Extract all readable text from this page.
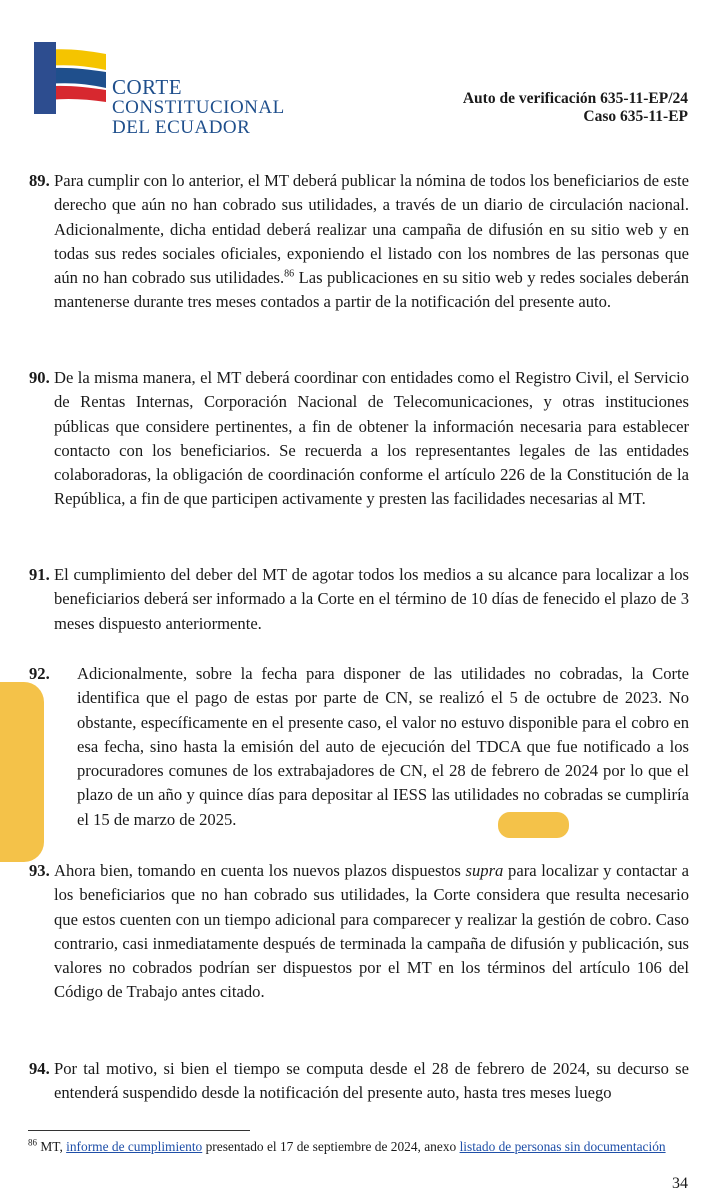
CORTE
CONSTITUCIONAL
DEL ECUADOR
Auto de verificación 635-11-EP/24
Caso 635-11-EP
89. Para cumplir con lo anterior, el MT deberá publicar la nómina de todos los beneficiarios de este derecho que aún no han cobrado sus utilidades, a través de un diario de circulación nacional. Adicionalmente, dicha entidad deberá realizar una campaña de difusión en su sitio web y en todas sus redes sociales oficiales, exponiendo el listado con los nombres de las personas que aún no han cobrado sus utilidades.$^{86}$ Las publicaciones en su sitio web y redes sociales deberán mantenerse durante tres meses contados a partir de la notificación del presente auto.
90. De la misma manera, el MT deberá coordinar con entidades como el Registro Civil, el Servicio de Rentas Internas, Corporación Nacional de Telecomunicaciones, y otras instituciones públicas que considere pertinentes, a fin de obtener la información necesaria para establecer contacto con los beneficiarios. Se recuerda a los representantes legales de las entidades colaboradoras, la obligación de coordinación conforme el artículo 226 de la Constitución de la República, a fin de que participen activamente y presten las facilidades necesarias al MT.
91. El cumplimiento del deber del MT de agotar todos los medios a su alcance para localizar a los beneficiarios deberá ser informado a la Corte en el término de 10 días de fenecido el plazo de 3 meses dispuesto anteriormente.
92. Adicionalmente, sobre la fecha para disponer de las utilidades no cobradas, la Corte identifica que el pago de estas por parte de CN, se realizó el 5 de octubre de 2023. No obstante, específicamente en el presente caso, el valor no estuvo disponible para el cobro en esa fecha, sino hasta la emisión del auto de ejecución del TDCA que fue notificado a los procuradores comunes de los extrabajadores de CN, el 28 de febrero de 2024 por lo que el plazo de un año y quince días para depositar al IESS las utilidades no cobradas se cumpliría el 15 de marzo de 2025.
93. Ahora bien, tomando en cuenta los nuevos plazos dispuestos supra para localizar y contactar a los beneficiarios que no han cobrado sus utilidades, la Corte considera que resulta necesario que estos cuenten con un tiempo adicional para comparecer y realizar la gestión de cobro. Caso contrario, casi inmediatamente después de terminada la campaña de difusión y publicación, sus valores no cobrados podrían ser dispuestos por el MT en los términos del artículo 106 del Código de Trabajo antes citado.
94. Por tal motivo, si bien el tiempo se computa desde el 28 de febrero de 2024, su decurso se entenderá suspendido desde la notificación del presente auto, hasta tres meses luego
$^{86}$ MT, informe de cumplimiento presentado el 17 de septiembre de 2024, anexo listado de personas sin documentación
34
